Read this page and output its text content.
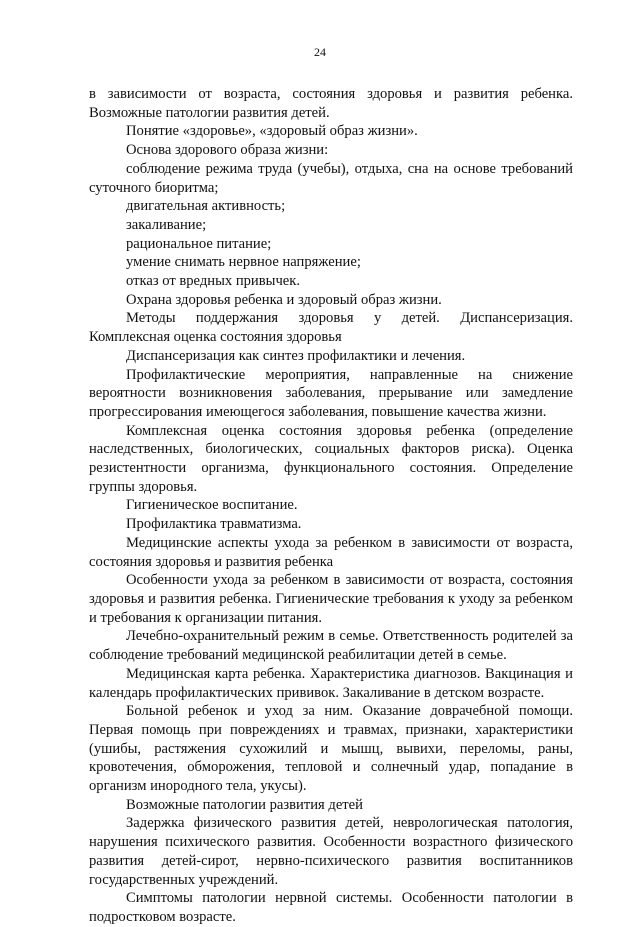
24

в зависимости от возраста, состояния здоровья и развития ребенка. Возможные патологии развития детей.

Понятие «здоровье», «здоровый образ жизни».

Основа здорового образа жизни:

соблюдение режима труда (учебы), отдыха, сна на основе требований суточного биоритма;

двигательная активность;

закаливание;

рациональное питание;

умение снимать нервное напряжение;

отказ от вредных привычек.

Охрана здоровья ребенка и здоровый образ жизни.

Методы поддержания здоровья у детей. Диспансеризация. Комплексная оценка состояния здоровья

Диспансеризация как синтез профилактики и лечения.

Профилактические мероприятия, направленные на снижение вероятности возникновения заболевания, прерывание или замедление прогрессирования имеющегося заболевания, повышение качества жизни.

Комплексная оценка состояния здоровья ребенка (определение наследственных, биологических, социальных факторов риска). Оценка резистентности организма, функционального состояния. Определение группы здоровья.

Гигиеническое воспитание.

Профилактика травматизма.

Медицинские аспекты ухода за ребенком в зависимости от возраста, состояния здоровья и развития ребенка

Особенности ухода за ребенком в зависимости от возраста, состояния здоровья и развития ребенка. Гигиенические требования к уходу за ребенком и требования к организации питания.

Лечебно-охранительный режим в семье. Ответственность родителей за соблюдение требований медицинской реабилитации детей в семье.

Медицинская карта ребенка. Характеристика диагнозов. Вакцинация и календарь профилактических прививок. Закаливание в детском возрасте.

Больной ребенок и уход за ним. Оказание доврачебной помощи. Первая помощь при повреждениях и травмах, признаки, характеристики (ушибы, растяжения сухожилий и мышц, вывихи, переломы, раны, кровотечения, обморожения, тепловой и солнечный удар, попадание в организм инородного тела, укусы).

Возможные патологии развития детей

Задержка физического развития детей, неврологическая патология, нарушения психического развития. Особенности возрастного физического развития детей-сирот, нервно-психического развития воспитанников государственных учреждений.

Симптомы патологии нервной системы. Особенности патологии в подростковом возрасте.
